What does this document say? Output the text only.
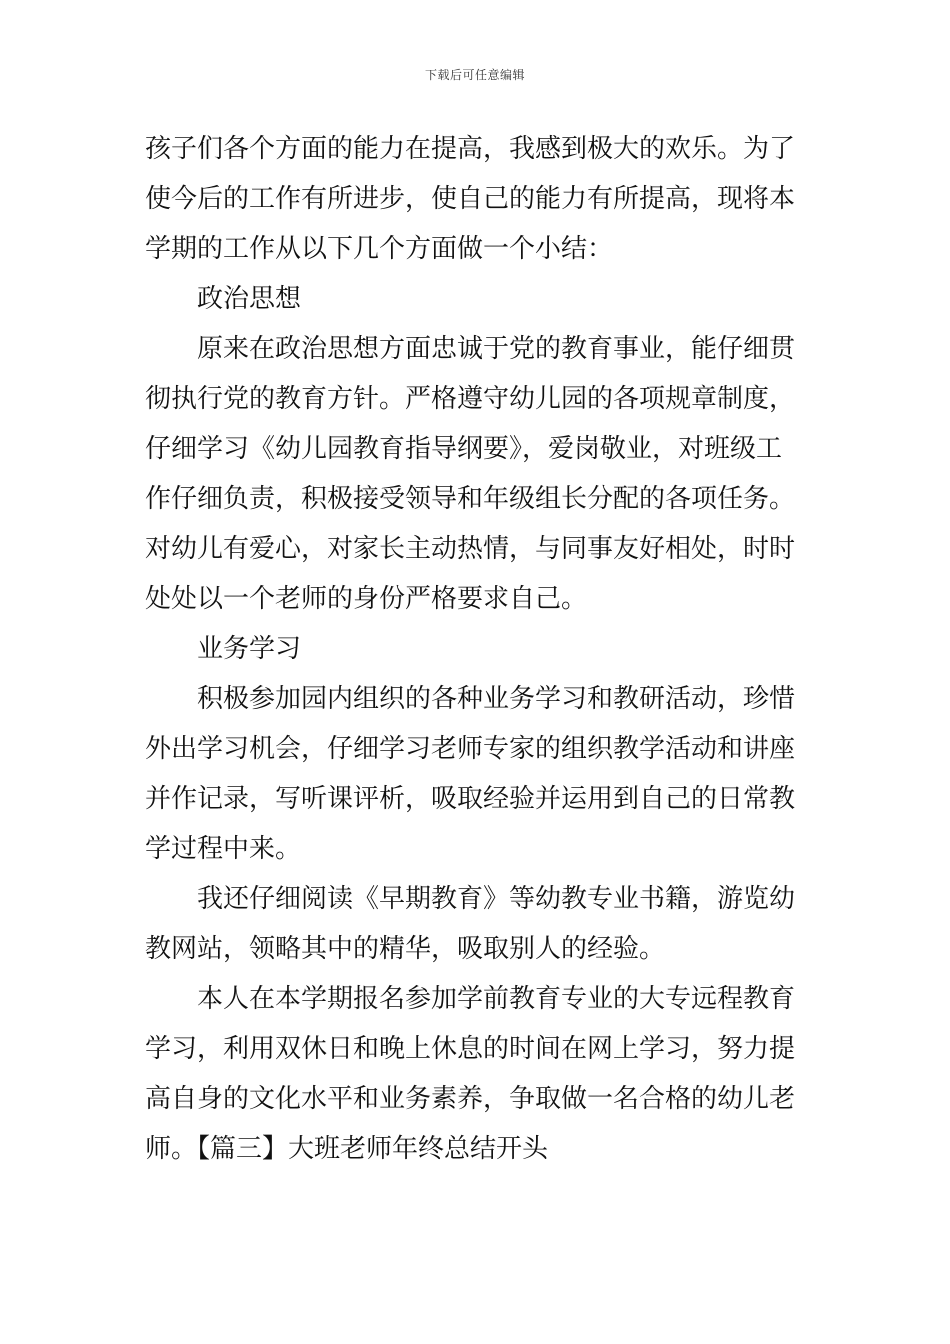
下载后可任意编辑
孩子们各个方面的能力在提高，我感到极大的欢乐。为了
使今后的工作有所进步，使自己的能力有所提高，现将本
学期的工作从以下几个方面做一个小结：
政治思想
原来在政治思想方面忠诚于党的教育事业，能仔细贯
彻执行党的教育方针。严格遵守幼儿园的各项规章制度，
仔细学习《幼儿园教育指导纲要》，爱岗敬业，对班级工
作仔细负责，积极接受领导和年级组长分配的各项任务。
对幼儿有爱心，对家长主动热情，与同事友好相处，时时
处处以一个老师的身份严格要求自己。
业务学习
积极参加园内组织的各种业务学习和教研活动，珍惜
外出学习机会，仔细学习老师专家的组织教学活动和讲座
并作记录，写听课评析，吸取经验并运用到自己的日常教
学过程中来。
我还仔细阅读《早期教育》等幼教专业书籍，游览幼
教网站，领略其中的精华，吸取别人的经验。
本人在本学期报名参加学前教育专业的大专远程教育
学习，利用双休日和晚上休息的时间在网上学习，努力提
高自身的文化水平和业务素养，争取做一名合格的幼儿老
师。【篇三】大班老师年终总结开头
